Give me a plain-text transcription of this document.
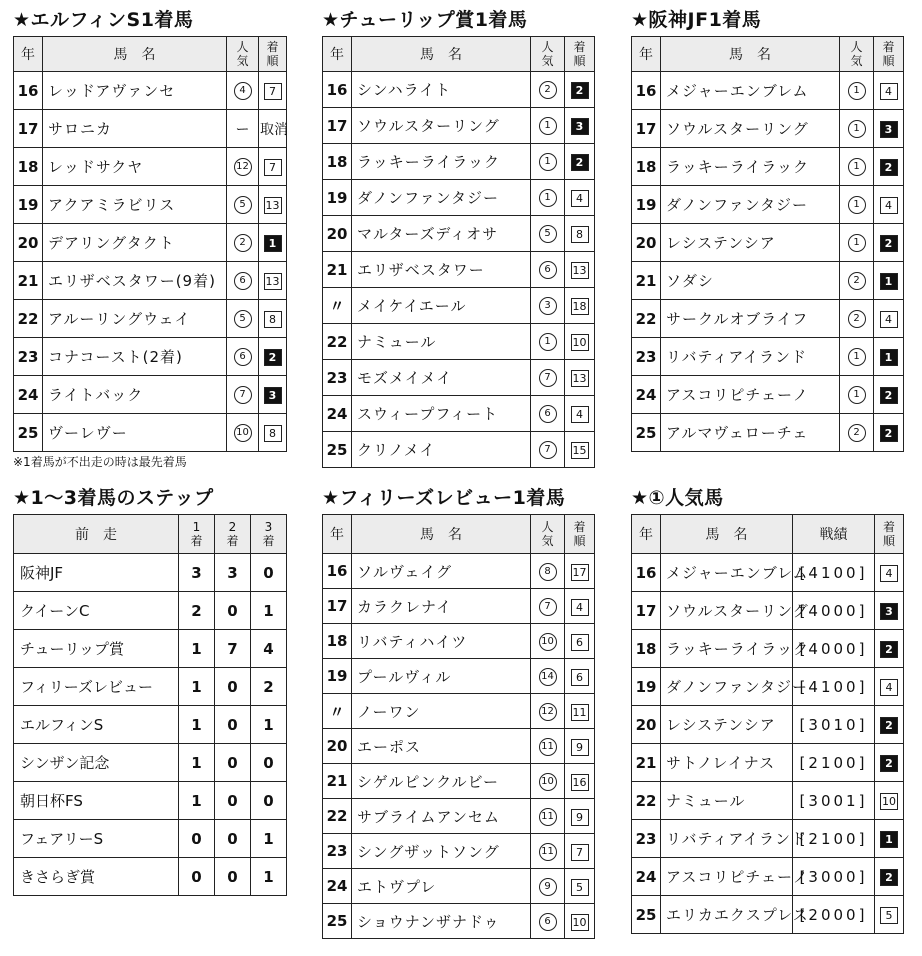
★エルフィンS1着馬
年	馬　名	人気	着順
16	レッドアヴァンセ	4	7
17	サロニカ	ー	取消
18	レッドサクヤ	12	7
19	アクアミラビリス	5	13
20	デアリングタクト	2	1
21	エリザベスタワー(9着)	6	13
22	アルーリングウェイ	5	8
23	コナコースト(2着)	6	2
24	ライトバック	7	3
25	ヴーレヴー	10	8
※1着馬が不出走の時は最先着馬
★チューリップ賞1着馬
年	馬　名	人気	着順
16	シンハライト	2	2
17	ソウルスターリング	1	3
18	ラッキーライラック	1	2
19	ダノンファンタジー	1	4
20	マルターズディオサ	5	8
21	エリザベスタワー	6	13
〃	メイケイエール	3	18
22	ナミュール	1	10
23	モズメイメイ	7	13
24	スウィープフィート	6	4
25	クリノメイ	7	15
★阪神JF1着馬
年	馬　名	人気	着順
16	メジャーエンブレム	1	4
17	ソウルスターリング	1	3
18	ラッキーライラック	1	2
19	ダノンファンタジー	1	4
20	レシステンシア	1	2
21	ソダシ	2	1
22	サークルオブライフ	2	4
23	リバティアイランド	1	1
24	アスコリピチェーノ	1	2
25	アルマヴェローチェ	2	2
★1～3着馬のステップ
前　走	1着	2着	3着
阪神JF	3	3	0
クイーンC	2	0	1
チューリップ賞	1	7	4
フィリーズレビュー	1	0	2
エルフィンS	1	0	1
シンザン記念	1	0	0
朝日杯FS	1	0	0
フェアリーS	0	0	1
きさらぎ賞	0	0	1
★フィリーズレビュー1着馬
年	馬　名	人気	着順
16	ソルヴェイグ	8	17
17	カラクレナイ	7	4
18	リバティハイツ	10	6
19	プールヴィル	14	6
〃	ノーワン	12	11
20	エーポス	11	9
21	シゲルピンクルビー	10	16
22	サブライムアンセム	11	9
23	シングザットソング	11	7
24	エトヴプレ	9	5
25	ショウナンザナドゥ	6	10
★①人気馬
年	馬　名	戦績	着順
16	メジャーエンブレム	[4100]	4
17	ソウルスターリング	[4000]	3
18	ラッキーライラック	[4000]	2
19	ダノンファンタジー	[4100]	4
20	レシステンシア	[3010]	2
21	サトノレイナス	[2100]	2
22	ナミュール	[3001]	10
23	リバティアイランド	[2100]	1
24	アスコリピチェーノ	[3000]	2
25	エリカエクスプレス	[2000]	5
